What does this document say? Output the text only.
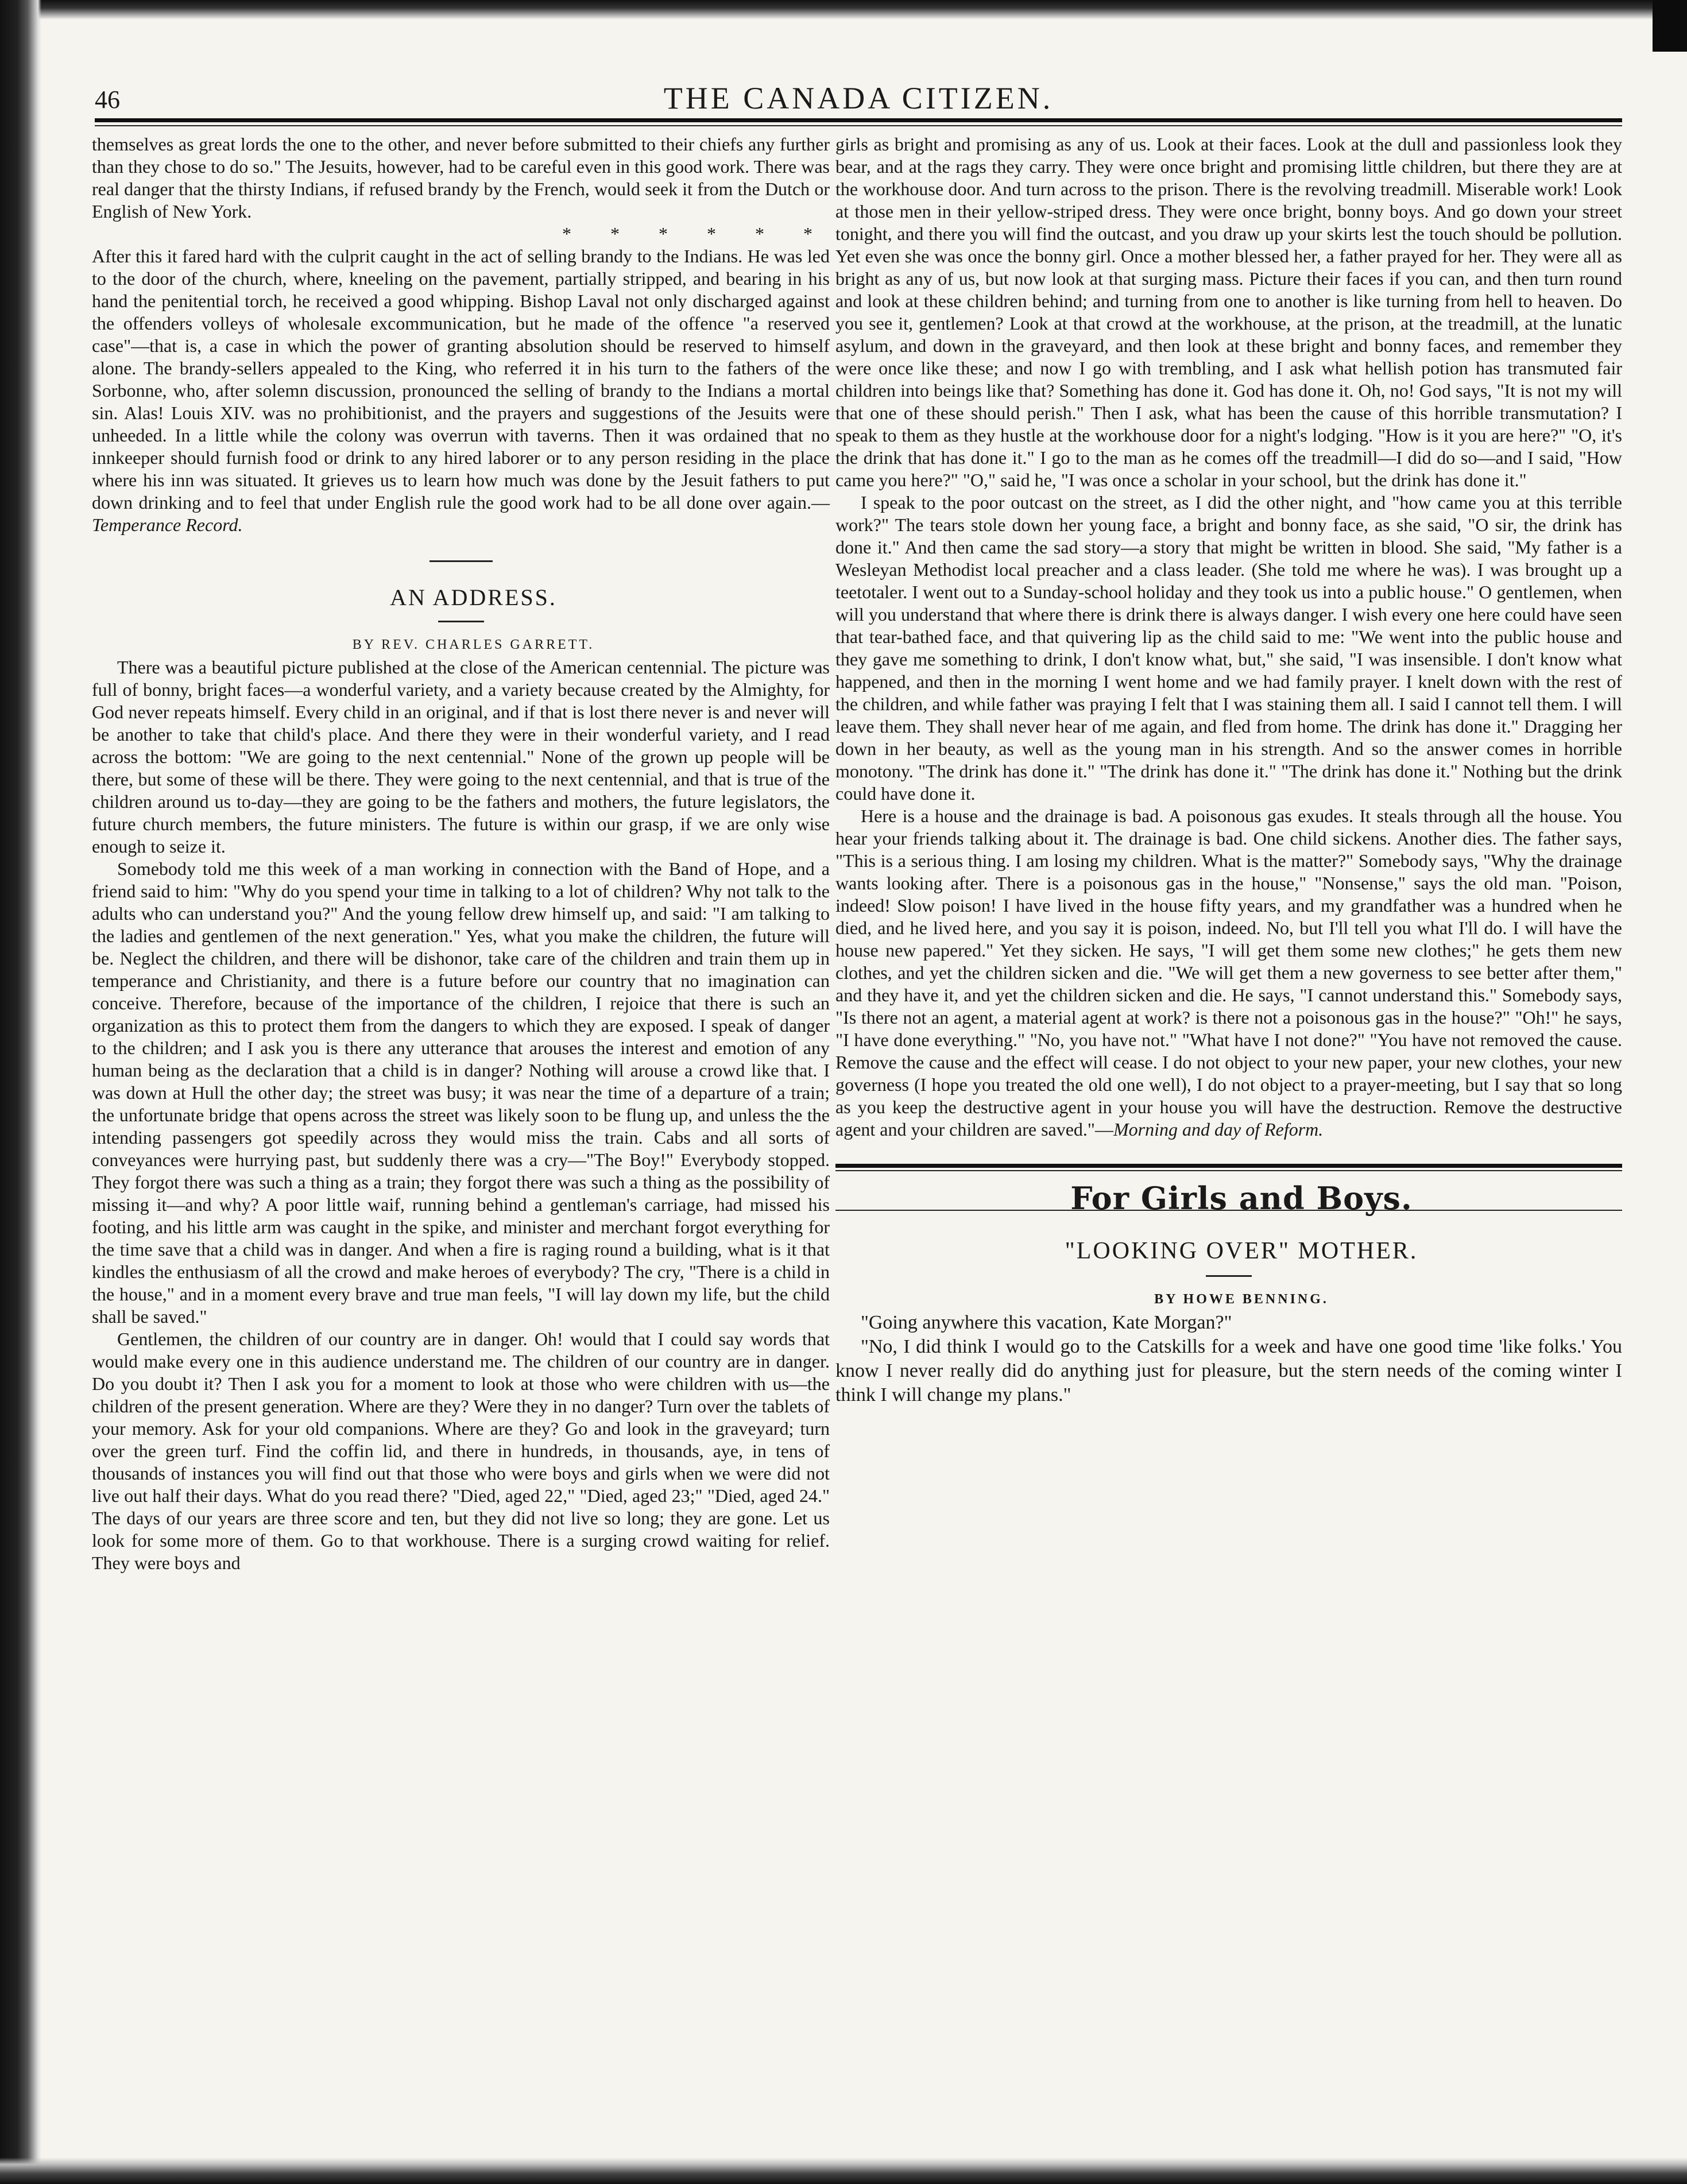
46	THE CANADA CITIZEN.

themselves as great lords the one to the other, and never before submitted to their chiefs any further than they chose to do so." The Jesuits, however, had to be careful even in this good work. There was real danger that the thirsty Indians, if refused brandy by the French, would seek it from the Dutch or English of New York.

* * * * * *

After this it fared hard with the culprit caught in the act of selling brandy to the Indians. He was led to the door of the church, where, kneeling on the pavement, partially stripped, and bearing in his hand the penitential torch, he received a good whipping. Bishop Laval not only discharged against the offenders volleys of wholesale excommunication, but he made of the offence "a reserved case"—that is, a case in which the power of granting absolution should be reserved to himself alone. The brandy-sellers appealed to the King, who referred it in his turn to the fathers of the Sorbonne, who, after solemn discussion, pronounced the selling of brandy to the Indians a mortal sin. Alas! Louis XIV. was no prohibitionist, and the prayers and suggestions of the Jesuits were unheeded. In a little while the colony was overrun with taverns. Then it was ordained that no innkeeper should furnish food or drink to any hired laborer or to any person residing in the place where his inn was situated. It grieves us to learn how much was done by the Jesuit fathers to put down drinking and to feel that under English rule the good work had to be all done over again.—Temperance Record.

AN ADDRESS.

BY REV. CHARLES GARRETT.

There was a beautiful picture published at the close of the American centennial. The picture was full of bonny, bright faces—a wonderful variety, and a variety because created by the Almighty, for God never repeats himself. Every child in an original, and if that is lost there never is and never will be another to take that child's place. And there they were in their wonderful variety, and I read across the bottom: "We are going to the next centennial." None of the grown up people will be there, but some of these will be there. They were going to the next centennial, and that is true of the children around us to-day—they are going to be the fathers and mothers, the future legislators, the future church members, the future ministers. The future is within our grasp, if we are only wise enough to seize it.

Somebody told me this week of a man working in connection with the Band of Hope, and a friend said to him: "Why do you spend your time in talking to a lot of children? Why not talk to the adults who can understand you?" And the young fellow drew himself up, and said: "I am talking to the ladies and gentlemen of the next generation." Yes, what you make the children, the future will be. Neglect the children, and there will be dishonor, take care of the children and train them up in temperance and Christianity, and there is a future before our country that no imagination can conceive. Therefore, because of the importance of the children, I rejoice that there is such an organization as this to protect them from the dangers to which they are exposed. I speak of danger to the children; and I ask you is there any utterance that arouses the interest and emotion of any human being as the declaration that a child is in danger? Nothing will arouse a crowd like that. I was down at Hull the other day; the street was busy; it was near the time of a departure of a train; the unfortunate bridge that opens across the street was likely soon to be flung up, and unless the the intending passengers got speedily across they would miss the train. Cabs and all sorts of conveyances were hurrying past, but suddenly there was a cry—"The Boy!" Everybody stopped. They forgot there was such a thing as a train; they forgot there was such a thing as the possibility of missing it—and why? A poor little waif, running behind a gentleman's carriage, had missed his footing, and his little arm was caught in the spike, and minister and merchant forgot everything for the time save that a child was in danger. And when a fire is raging round a building, what is it that kindles the enthusiasm of all the crowd and make heroes of everybody? The cry, "There is a child in the house," and in a moment every brave and true man feels, "I will lay down my life, but the child shall be saved."

Gentlemen, the children of our country are in danger. Oh! would that I could say words that would make every one in this audience understand me. The children of our country are in danger. Do you doubt it? Then I ask you for a moment to look at those who were children with us—the children of the present generation. Where are they? Were they in no danger? Turn over the tablets of your memory. Ask for your old companions. Where are they? Go and look in the graveyard; turn over the green turf. Find the coffin lid, and there in hundreds, in thousands, aye, in tens of thousands of instances you will find out that those who were boys and girls when we were did not live out half their days. What do you read there? "Died, aged 22," "Died, aged 23;" "Died, aged 24." The days of our years are three score and ten, but they did not live so long; they are gone. Let us look for some more of them. Go to that workhouse. There is a surging crowd waiting for relief. They were boys and

girls as bright and promising as any of us. Look at their faces. Look at the dull and passionless look they bear, and at the rags they carry. They were once bright and promising little children, but there they are at the workhouse door. And turn across to the prison. There is the revolving treadmill. Miserable work! Look at those men in their yellow-striped dress. They were once bright, bonny boys. And go down your street tonight, and there you will find the outcast, and you draw up your skirts lest the touch should be pollution. Yet even she was once the bonny girl. Once a mother blessed her, a father prayed for her. They were all as bright as any of us, but now look at that surging mass. Picture their faces if you can, and then turn round and look at these children behind; and turning from one to another is like turning from hell to heaven. Do you see it, gentlemen? Look at that crowd at the workhouse, at the prison, at the treadmill, at the lunatic asylum, and down in the graveyard, and then look at these bright and bonny faces, and remember they were once like these; and now I go with trembling, and I ask what hellish potion has transmuted fair children into beings like that? Something has done it. God has done it. Oh, no! God says, "It is not my will that one of these should perish." Then I ask, what has been the cause of this horrible transmutation? I speak to them as they hustle at the workhouse door for a night's lodging. "How is it you are here?" "O, it's the drink that has done it." I go to the man as he comes off the treadmill—I did do so—and I said, "How came you here?" "O," said he, "I was once a scholar in your school, but the drink has done it."

I speak to the poor outcast on the street, as I did the other night, and "how came you at this terrible work?" The tears stole down her young face, a bright and bonny face, as she said, "O sir, the drink has done it." And then came the sad story—a story that might be written in blood. She said, "My father is a Wesleyan Methodist local preacher and a class leader. (She told me where he was). I was brought up a teetotaler. I went out to a Sunday-school holiday and they took us into a public house." O gentlemen, when will you understand that where there is drink there is always danger. I wish every one here could have seen that tear-bathed face, and that quivering lip as the child said to me: "We went into the public house and they gave me something to drink, I don't know what, but," she said, "I was insensible. I don't know what happened, and then in the morning I went home and we had family prayer. I knelt down with the rest of the children, and while father was praying I felt that I was staining them all. I said I cannot tell them. I will leave them. They shall never hear of me again, and fled from home. The drink has done it." Dragging her down in her beauty, as well as the young man in his strength. And so the answer comes in horrible monotony. "The drink has done it." "The drink has done it." "The drink has done it." Nothing but the drink could have done it.

Here is a house and the drainage is bad. A poisonous gas exudes. It steals through all the house. You hear your friends talking about it. The drainage is bad. One child sickens. Another dies. The father says, "This is a serious thing. I am losing my children. What is the matter?" Somebody says, "Why the drainage wants looking after. There is a poisonous gas in the house," "Nonsense," says the old man. "Poison, indeed! Slow poison! I have lived in the house fifty years, and my grandfather was a hundred when he died, and he lived here, and you say it is poison, indeed. No, but I'll tell you what I'll do. I will have the house new papered." Yet they sicken. He says, "I will get them some new clothes;" he gets them new clothes, and yet the children sicken and die. "We will get them a new governess to see better after them," and they have it, and yet the children sicken and die. He says, "I cannot understand this." Somebody says, "Is there not an agent, a material agent at work? is there not a poisonous gas in the house?" "Oh!" he says, "I have done everything." "No, you have not." "What have I not done?" "You have not removed the cause. Remove the cause and the effect will cease. I do not object to your new paper, your new clothes, your new governess (I hope you treated the old one well), I do not object to a prayer-meeting, but I say that so long as you keep the destructive agent in your house you will have the destruction. Remove the destructive agent and your children are saved."—Morning and day of Reform.

For Girls and Boys.

"LOOKING OVER" MOTHER.

BY HOWE BENNING.

"Going anywhere this vacation, Kate Morgan?"

"No, I did think I would go to the Catskills for a week and have one good time 'like folks.' You know I never really did do anything just for pleasure, but the stern needs of the coming winter I think I will change my plans."
